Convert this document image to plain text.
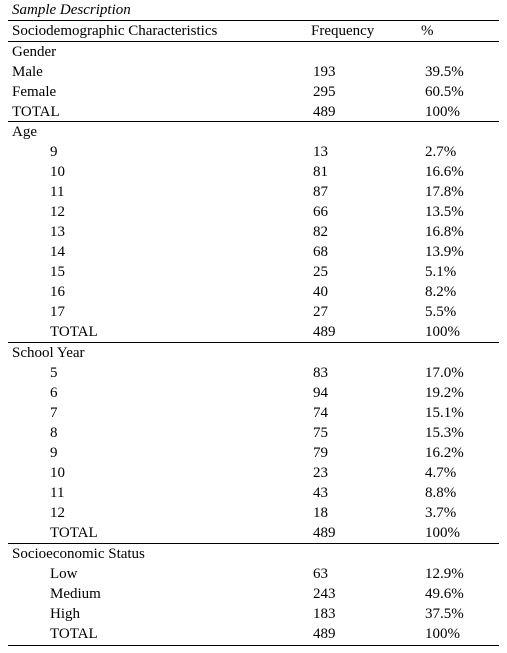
Sample Description
Sociodemographic Characteristics	Frequency	%
Gender
Male	193	39.5%
Female	295	60.5%
TOTAL	489	100%
Age
9	13	2.7%
10	81	16.6%
11	87	17.8%
12	66	13.5%
13	82	16.8%
14	68	13.9%
15	25	5.1%
16	40	8.2%
17	27	5.5%
TOTAL	489	100%
School Year
5	83	17.0%
6	94	19.2%
7	74	15.1%
8	75	15.3%
9	79	16.2%
10	23	4.7%
11	43	8.8%
12	18	3.7%
TOTAL	489	100%
Socioeconomic Status
Low	63	12.9%
Medium	243	49.6%
High	183	37.5%
TOTAL	489	100%
